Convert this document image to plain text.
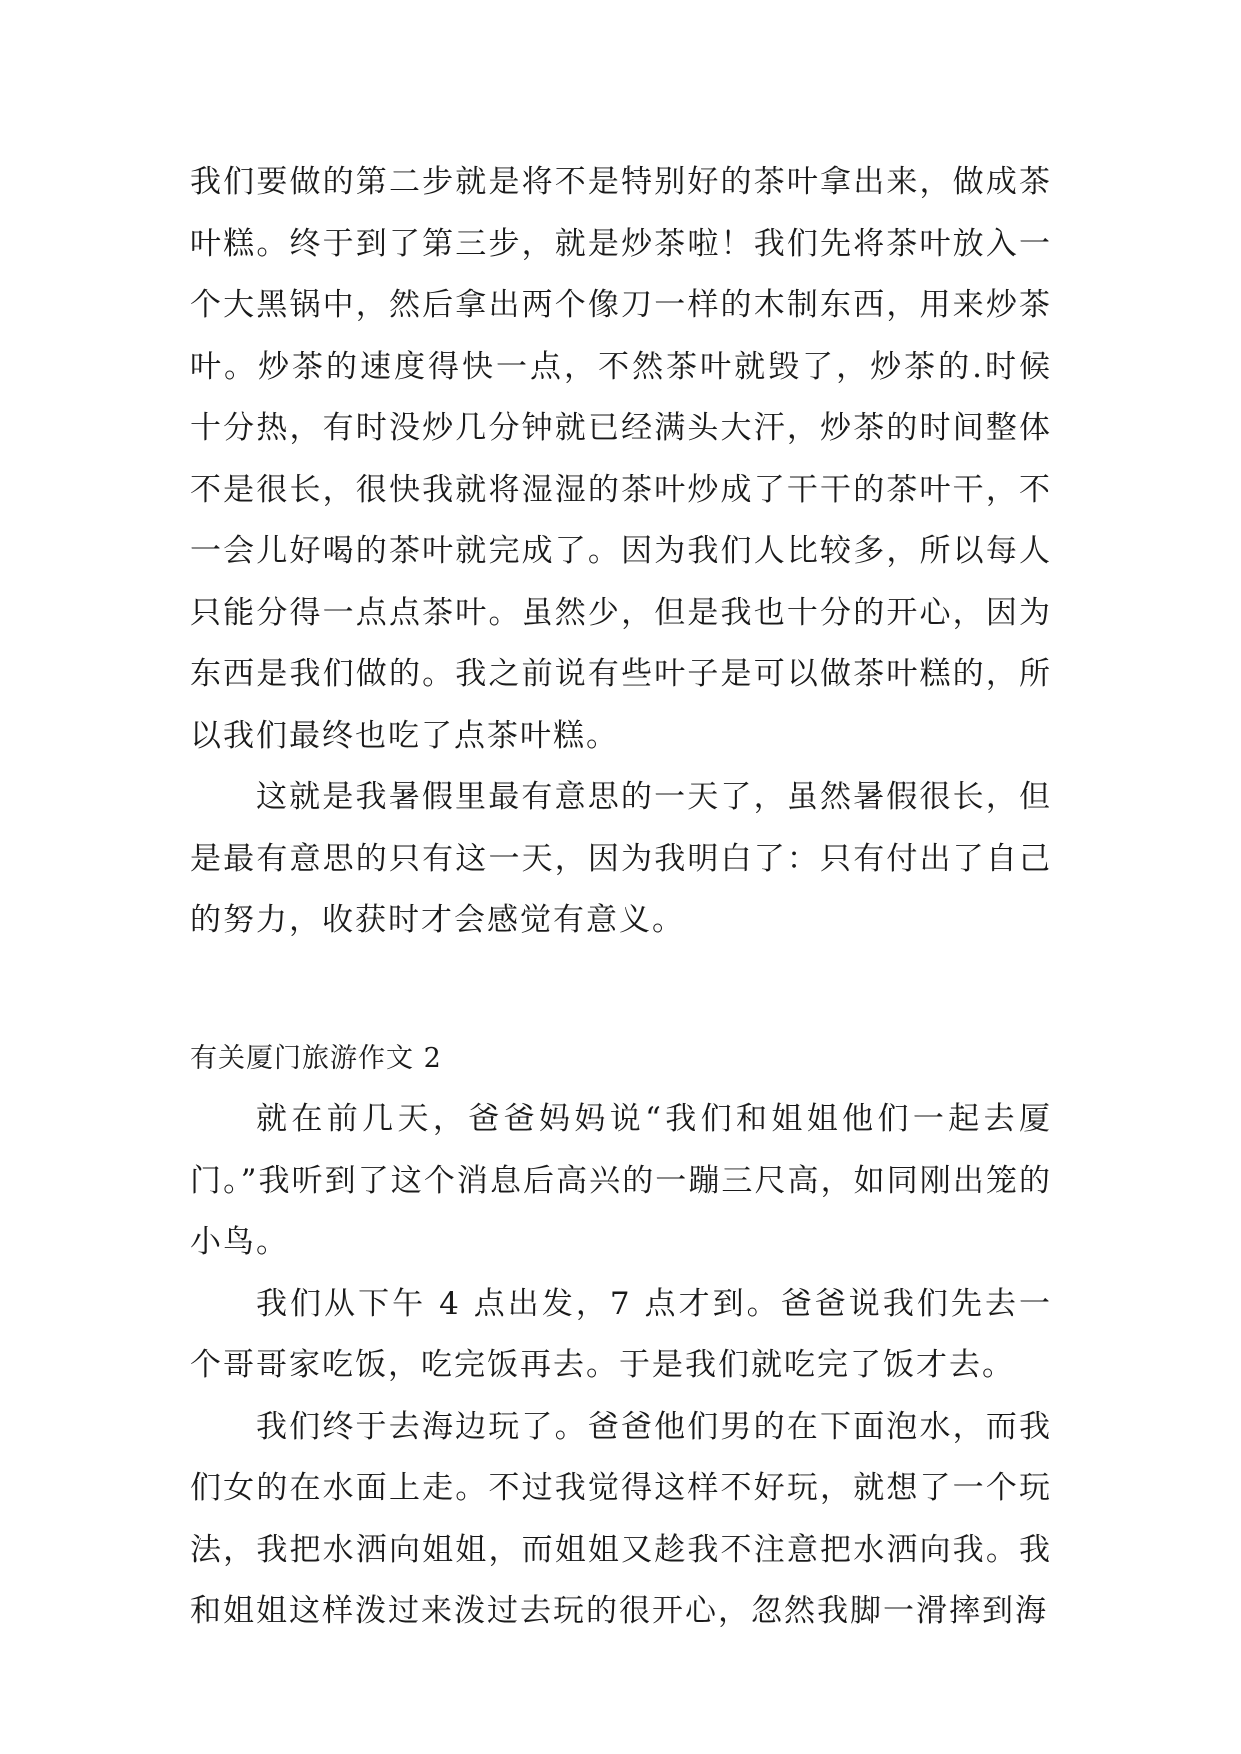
我们要做的第二步就是将不是特别好的茶叶拿出来，做成茶叶糕。终于到了第三步，就是炒茶啦！我们先将茶叶放入一个大黑锅中，然后拿出两个像刀一样的木制东西，用来炒茶叶。炒茶的速度得快一点，不然茶叶就毁了，炒茶的.时候十分热，有时没炒几分钟就已经满头大汗，炒茶的时间整体不是很长，很快我就将湿湿的茶叶炒成了干干的茶叶干，不一会儿好喝的茶叶就完成了。因为我们人比较多，所以每人只能分得一点点茶叶。虽然少，但是我也十分的开心，因为东西是我们做的。我之前说有些叶子是可以做茶叶糕的，所以我们最终也吃了点茶叶糕。

这就是我暑假里最有意思的一天了，虽然暑假很长，但是最有意思的只有这一天，因为我明白了：只有付出了自己的努力，收获时才会感觉有意义。

有关厦门旅游作文 2

就在前几天，爸爸妈妈说“我们和姐姐他们一起去厦门。”我听到了这个消息后高兴的一蹦三尺高，如同刚出笼的小鸟。

我们从下午 4 点出发，7 点才到。爸爸说我们先去一个哥哥家吃饭，吃完饭再去。于是我们就吃完了饭才去。

我们终于去海边玩了。爸爸他们男的在下面泡水，而我们女的在水面上走。不过我觉得这样不好玩，就想了一个玩法，我把水洒向姐姐，而姐姐又趁我不注意把水洒向我。我和姐姐这样泼过来泼过去玩的很开心，忽然我脚一滑摔到海
